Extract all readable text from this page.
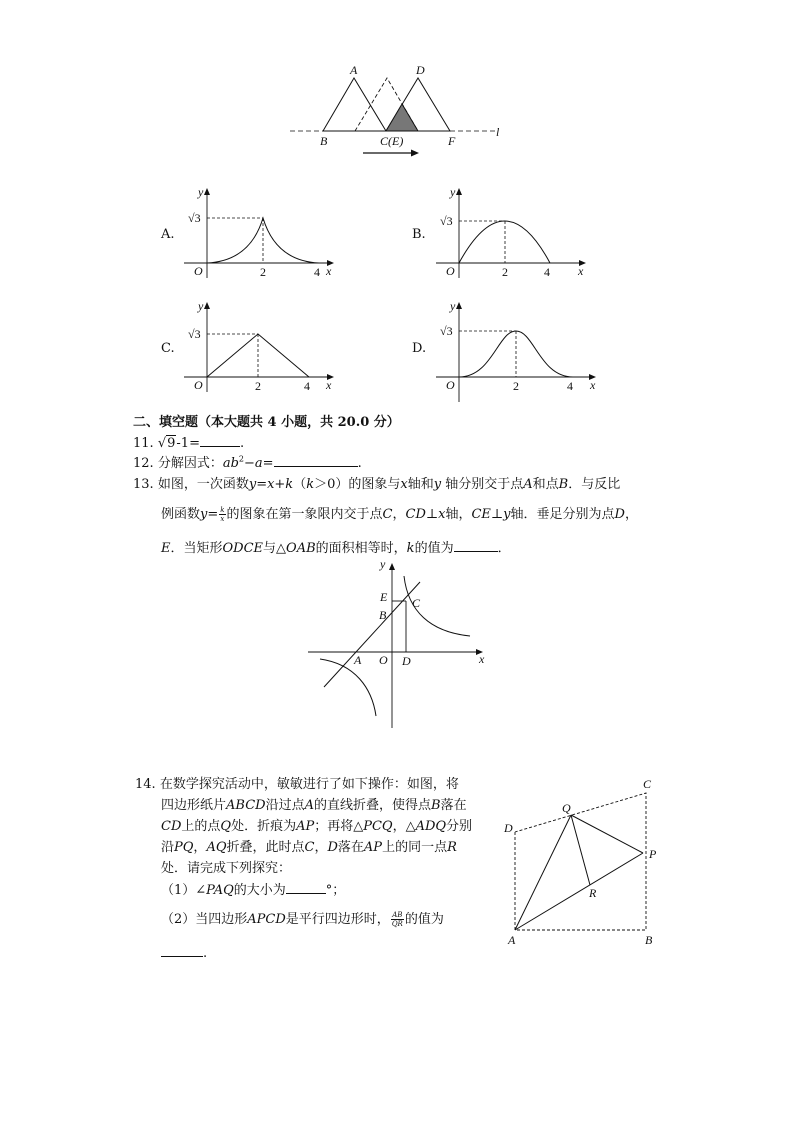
A	D
B	C(E)	F
l
A.
y
√3
O	2	4 x
B.
y
√3
O	2	4 x
C.
y
√3
O	2	4 x
D.
y
√3
O	2	4 x
二、填空题（本大题共 4 小题，共 20.0 分）
11. √9-1=	.
12. 分解因式：$ab^2-a=$	.
13. 如图，一次函数y=x+k（k＞0）的图象与x轴和y 轴分别交于点A和点B．与反比
例函数$y= \frac{k}{x}$ 的图象在第一象限内交于点C，CD⊥x轴，CE⊥y轴．垂足分别为点D，
E．当矩形ODCE与△OAB的面积相等时，k的值为	．
y
x
E C
B
A O D
14. 在数学探究活动中，敏敏进行了如下操作：如图，将
四边形纸片ABCD沿过点A的直线折叠，使得点B落在
CD上的点Q处．折痕为AP；再将△PCQ，△ADQ分别
沿PQ，AQ折叠，此时点C，D落在AP上的同一点R
处．请完成下列探究：
（1）∠PAQ的大小为	°；
（2）当四边形APCD是平行四边形时， $\frac{AB}{QR}$ 的值为
.
C
Q
D
P
R
A	B
